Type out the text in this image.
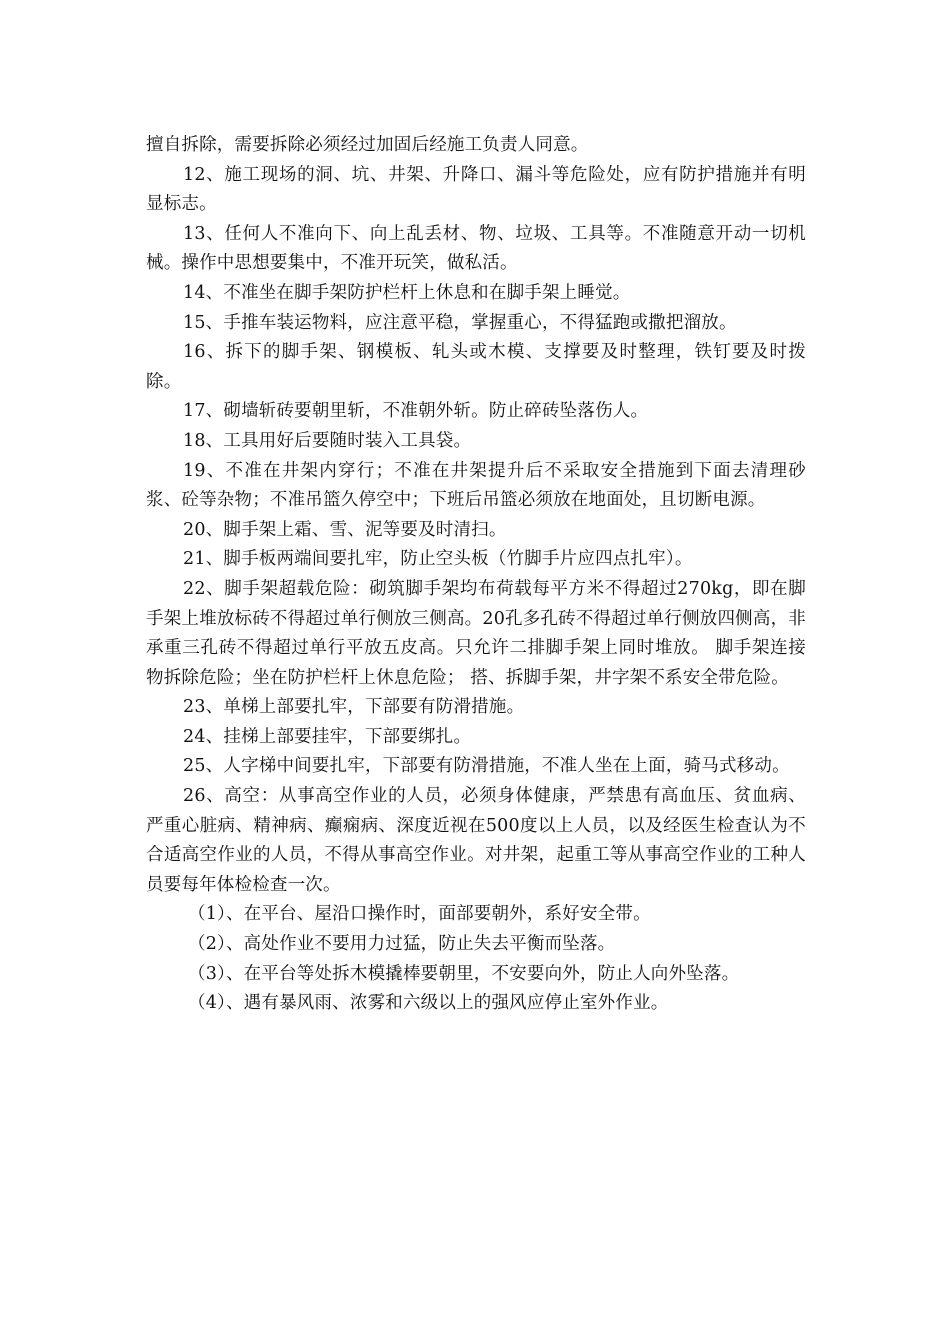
擅自拆除，需要拆除必须经过加固后经施工负责人同意。

12、施工现场的洞、坑、井架、升降口、漏斗等危险处，应有防护措施并有明显标志。

13、任何人不准向下、向上乱丢材、物、垃圾、工具等。不准随意开动一切机械。操作中思想要集中，不准开玩笑，做私活。

14、不准坐在脚手架防护栏杆上休息和在脚手架上睡觉。

15、手推车装运物料，应注意平稳，掌握重心，不得猛跑或撒把溜放。

16、拆下的脚手架、钢模板、轧头或木模、支撑要及时整理，铁钉要及时拨除。

17、砌墙斩砖要朝里斩，不准朝外斩。防止碎砖坠落伤人。

18、工具用好后要随时装入工具袋。

19、不准在井架内穿行；不准在井架提升后不采取安全措施到下面去清理砂浆、砼等杂物；不准吊篮久停空中；下班后吊篮必须放在地面处，且切断电源。

20、脚手架上霜、雪、泥等要及时清扫。

21、脚手板两端间要扎牢，防止空头板（竹脚手片应四点扎牢）。

22、脚手架超载危险：砌筑脚手架均布荷载每平方米不得超过270kg，即在脚手架上堆放标砖不得超过单行侧放三侧高。20孔多孔砖不得超过单行侧放四侧高，非承重三孔砖不得超过单行平放五皮高。只允许二排脚手架上同时堆放。 脚手架连接物拆除危险；坐在防护栏杆上休息危险； 搭、拆脚手架，井字架不系安全带危险。

23、单梯上部要扎牢，下部要有防滑措施。

24、挂梯上部要挂牢，下部要绑扎。

25、人字梯中间要扎牢，下部要有防滑措施，不准人坐在上面，骑马式移动。

26、高空：从事高空作业的人员，必须身体健康，严禁患有高血压、贫血病、严重心脏病、精神病、癫痫病、深度近视在500度以上人员，以及经医生检查认为不合适高空作业的人员，不得从事高空作业。对井架，起重工等从事高空作业的工种人员要每年体检检查一次。

（1）、在平台、屋沿口操作时，面部要朝外，系好安全带。

（2）、高处作业不要用力过猛，防止失去平衡而坠落。

（3）、在平台等处拆木模撬棒要朝里，不安要向外，防止人向外坠落。

（4）、遇有暴风雨、浓雾和六级以上的强风应停止室外作业。
